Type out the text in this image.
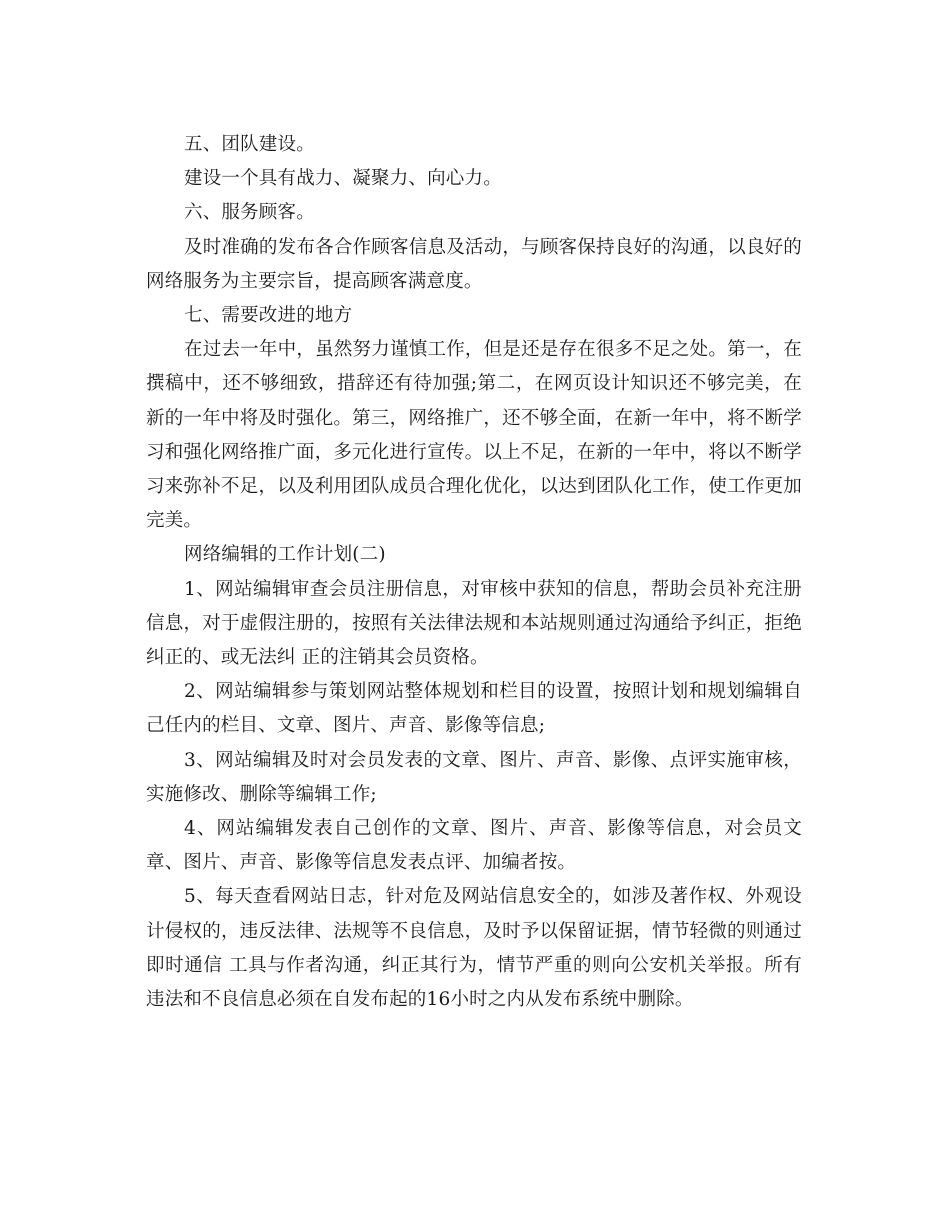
五、团队建设。

建设一个具有战力、凝聚力、向心力。

六、服务顾客。

及时准确的发布各合作顾客信息及活动，与顾客保持良好的沟通，以良好的网络服务为主要宗旨，提高顾客满意度。

七、需要改进的地方

在过去一年中，虽然努力谨慎工作，但是还是存在很多不足之处。第一，在撰稿中，还不够细致，措辞还有待加强;第二，在网页设计知识还不够完美，在新的一年中将及时强化。第三，网络推广，还不够全面，在新一年中，将不断学习和强化网络推广面，多元化进行宣传。以上不足，在新的一年中，将以不断学习来弥补不足，以及利用团队成员合理化优化，以达到团队化工作，使工作更加完美。

网络编辑的工作计划(二)

1、网站编辑审查会员注册信息，对审核中获知的信息，帮助会员补充注册信息，对于虚假注册的，按照有关法律法规和本站规则通过沟通给予纠正，拒绝纠正的、或无法纠 正的注销其会员资格。

2、网站编辑参与策划网站整体规划和栏目的设置，按照计划和规划编辑自己任内的栏目、文章、图片、声音、影像等信息;

3、网站编辑及时对会员发表的文章、图片、声音、影像、点评实施审核，实施修改、删除等编辑工作;

4、网站编辑发表自己创作的文章、图片、声音、影像等信息，对会员文章、图片、声音、影像等信息发表点评、加编者按。

5、每天查看网站日志，针对危及网站信息安全的，如涉及著作权、外观设计侵权的，违反法律、法规等不良信息，及时予以保留证据，情节轻微的则通过即时通信 工具与作者沟通，纠正其行为，情节严重的则向公安机关举报。所有违法和不良信息必须在自发布起的16小时之内从发布系统中删除。
